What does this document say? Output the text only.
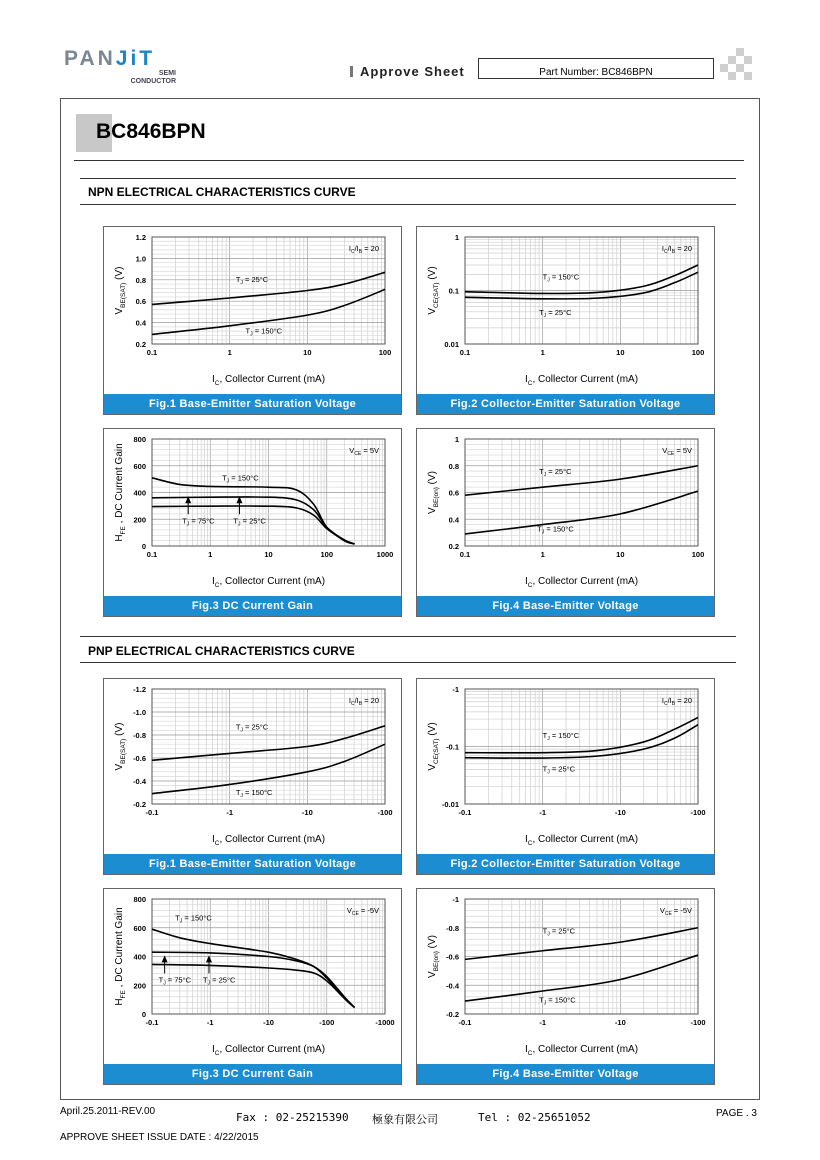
PANJiT
SEMI
CONDUCTOR
Approve Sheet	Part Number: BC846BPN
BC846BPN
NPN ELECTRICAL CHARACTERISTICS CURVE
PNP ELECTRICAL CHARACTERISTICS CURVE
0.1	1	10	100
0.2
0.4
0.6
0.8
1.0
1.2
$T_J = 25^\circ C$
$T_J = 150^\circ C$
$I_C/I_B = 20$
$I_C$, Collector Current (mA)
$V_{BE(SAT)}$ (V)
Fig.1 Base-Emitter Saturation Voltage
0.1	1	10	100
0.01
0.1
1
$T_J = 150^\circ C$
$T_J = 25^\circ C$
$I_C/I_B = 20$
$I_C$, Collector Current (mA)
$V_{CE(SAT)}$ (V)
Fig.2 Collector-Emitter Saturation Voltage
0.1	1	10	100	1000
0
200
400
600
800
$T_J = 150^\circ C$
$T_J = 75^\circ C$	$T_J = 25^\circ C$
$V_{CE} = 5V$
$I_C$, Collector Current (mA)
$H_{FE}$ , DC Current Gain
Fig.3 DC Current Gain
0.1	1	10	100
0.2
0.4
0.6
0.8
1
$T_J = 25^\circ C$
$T_J = 150^\circ C$
$V_{CE} = 5V$
$I_C$, Collector Current (mA)
$V_{BE(on)}$ (V)
Fig.4 Base-Emitter Voltage
-0.1	-1	-10	-100
-0.2
-0.4
-0.6
-0.8
-1.0
-1.2
$T_J = 25^\circ C$
$T_J = 150^\circ C$
$I_C/I_B = 20$
$I_C$, Collector Current (mA)
$V_{BE(SAT)}$ (V)
Fig.1 Base-Emitter Saturation Voltage
-0.1	-1	-10	-100
-0.01
-0.1
-1
$T_J = 150^\circ C$
$T_J = 25^\circ C$
$I_C/I_B = 20$
$I_C$, Collector Current (mA)
$V_{CE(SAT)}$ (V)
Fig.2 Collector-Emitter Saturation Voltage
-0.1	-1	-10	-100	-1000
0
200
400
600
800
$T_J = 150^\circ C$
$T_J = 75^\circ C$ $T_J = 25^\circ C$
$V_{CE} = -5V$
$I_C$, Collector Current (mA)
$H_{FE}$ , DC Current Gain
Fig.3 DC Current Gain
-0.1	-1	-10	-100
-0.2
-0.4
-0.6
-0.8
-1
$T_J = 25^\circ C$
$T_J = 150^\circ C$
$V_{CE} = -5V$
$I_C$, Collector Current (mA)
$V_{BE(on)}$ (V)
Fig.4 Base-Emitter Voltage
April.25.2011-REV.00	Fax : 02-25215390 極象有限公司	Tel : 02-25651052	PAGE . 3
APPROVE SHEET ISSUE DATE : 4/22/2015
